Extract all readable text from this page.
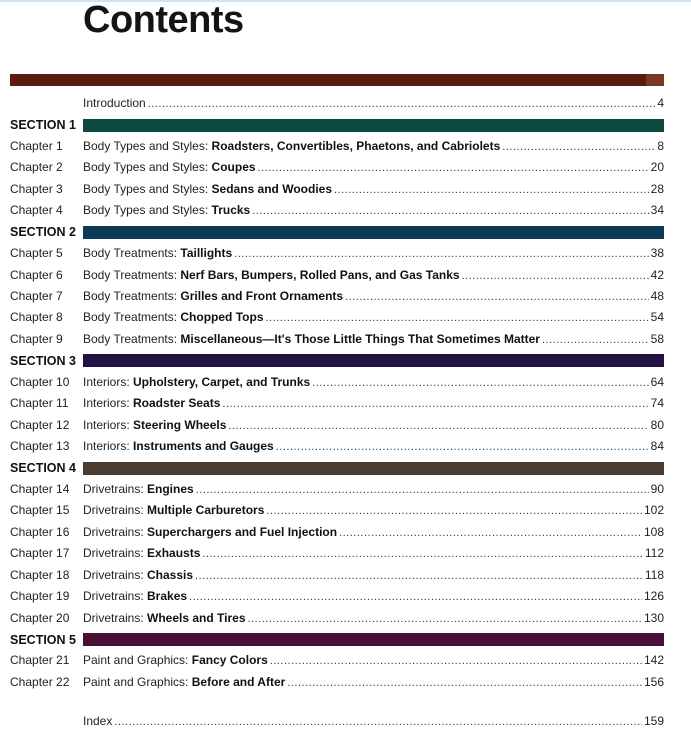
Contents
Introduction .....	4
SECTION 1
Chapter 1	Body Types and Styles: Roadsters, Convertibles, Phaetons, and Cabriolets .....	8
Chapter 2	Body Types and Styles: Coupes .....	20
Chapter 3	Body Types and Styles: Sedans and Woodies .....	28
Chapter 4	Body Types and Styles: Trucks .....	34
SECTION 2
Chapter 5	Body Treatments: Taillights .....	38
Chapter 6	Body Treatments: Nerf Bars, Bumpers, Rolled Pans, and Gas Tanks .....	42
Chapter 7	Body Treatments: Grilles and Front Ornaments .....	48
Chapter 8	Body Treatments: Chopped Tops .....	54
Chapter 9	Body Treatments: Miscellaneous—It's Those Little Things That Sometimes Matter .....	58
SECTION 3
Chapter 10	Interiors: Upholstery, Carpet, and Trunks .....	64
Chapter 11	Interiors: Roadster Seats .....	74
Chapter 12	Interiors: Steering Wheels .....	80
Chapter 13	Interiors: Instruments and Gauges .....	84
SECTION 4
Chapter 14	Drivetrains: Engines .....	90
Chapter 15	Drivetrains: Multiple Carburetors .....	102
Chapter 16	Drivetrains: Superchargers and Fuel Injection .....	108
Chapter 17	Drivetrains: Exhausts .....	112
Chapter 18	Drivetrains: Chassis .....	118
Chapter 19	Drivetrains: Brakes .....	126
Chapter 20	Drivetrains: Wheels and Tires .....	130
SECTION 5
Chapter 21	Paint and Graphics: Fancy Colors .....	142
Chapter 22	Paint and Graphics: Before and After .....	156
Index .....	159
